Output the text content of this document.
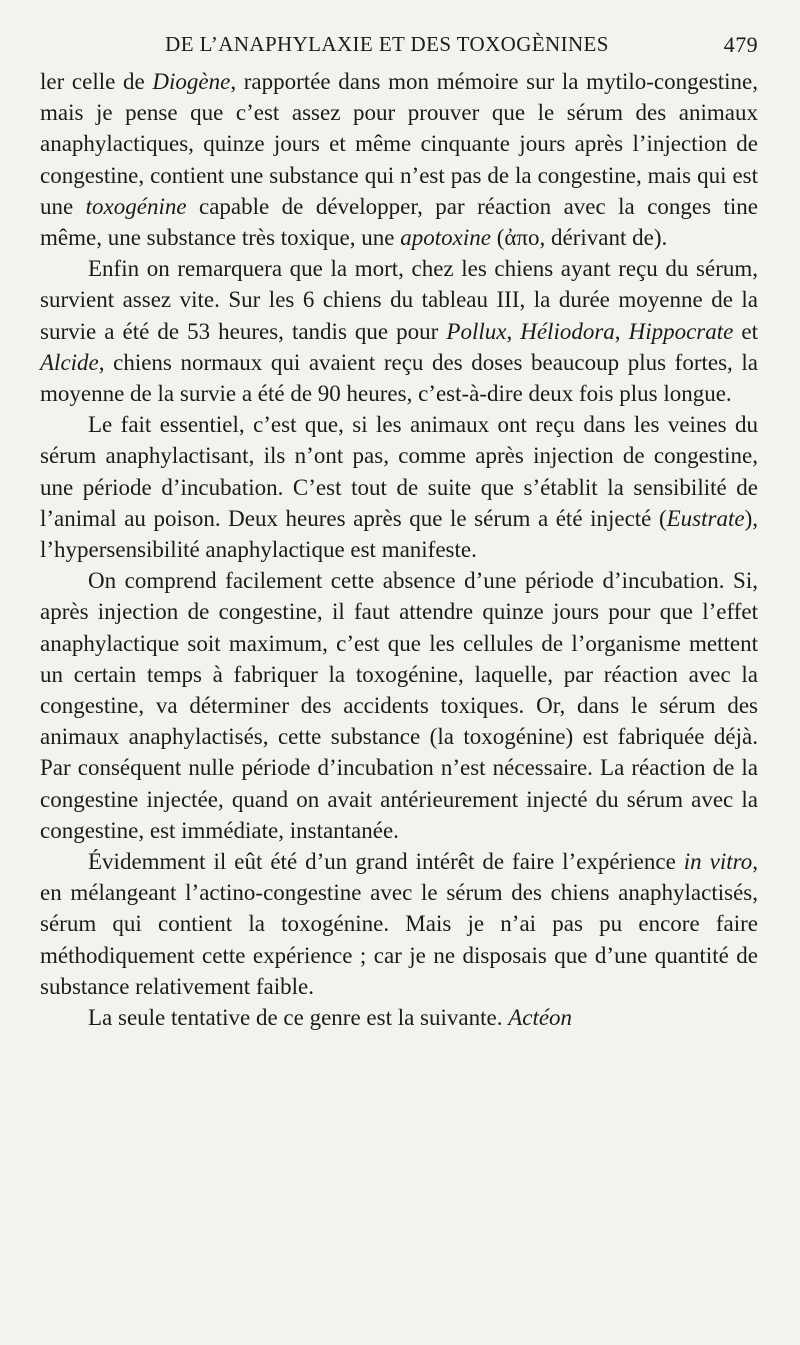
DE L’ANAPHYLAXIE ET DES TOXOGÈNINES	479

ler celle de Diogène, rapportée dans mon mémoire sur la mytilo-congestine, mais je pense que c’est assez pour prouver que le sérum des animaux anaphylactiques, quinze jours et même cinquante jours après l’injection de congestine, contient une substance qui n’est pas de la congestine, mais qui est une toxogénine capable de développer, par réaction avec la conges tine même, une substance très toxique, une apotoxine (ἀπο, dérivant de).

Enfin on remarquera que la mort, chez les chiens ayant reçu du sérum, survient assez vite. Sur les 6 chiens du tableau III, la durée moyenne de la survie a été de 53 heures, tandis que pour Pollux, Héliodora, Hippocrate et Alcide, chiens normaux qui avaient reçu des doses beaucoup plus fortes, la moyenne de la survie a été de 90 heures, c’est-à-dire deux fois plus longue.

Le fait essentiel, c’est que, si les animaux ont reçu dans les veines du sérum anaphylactisant, ils n’ont pas, comme après injection de congestine, une période d’incubation. C’est tout de suite que s’établit la sensibilité de l’animal au poison. Deux heures après que le sérum a été injecté (Eustrate), l’hypersensibilité anaphylactique est manifeste.

On comprend facilement cette absence d’une période d’incubation. Si, après injection de congestine, il faut attendre quinze jours pour que l’effet anaphylactique soit maximum, c’est que les cellules de l’organisme mettent un certain temps à fabriquer la toxogénine, laquelle, par réaction avec la congestine, va déterminer des accidents toxiques. Or, dans le sérum des animaux anaphylactisés, cette substance (la toxogénine) est fabriquée déjà. Par conséquent nulle période d’incubation n’est nécessaire. La réaction de la congestine injectée, quand on avait antérieurement injecté du sérum avec la congestine, est immédiate, instantanée.

Évidemment il eût été d’un grand intérêt de faire l’expérience in vitro, en mélangeant l’actino-congestine avec le sérum des chiens anaphylactisés, sérum qui contient la toxogénine. Mais je n’ai pas pu encore faire méthodiquement cette expérience ; car je ne disposais que d’une quantité de substance relativement faible.

La seule tentative de ce genre est la suivante. Actéon
